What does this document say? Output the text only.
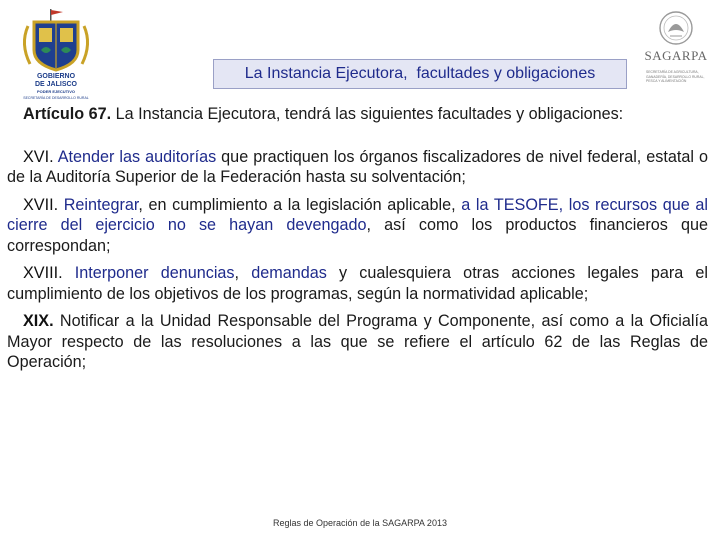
GOBIERNO
DE JALISCO
PODER EJECUTIVO
SECRETARÍA DE DESARROLLO RURAL
La Instancia Ejecutora,  facultades y obligaciones
SAGARPA
SECRETARÍA DE AGRICULTURA, GANADERÍA, DESARROLLO RURAL, PESCA Y ALIMENTACIÓN

Artículo 67. La Instancia Ejecutora, tendrá las siguientes facultades y obligaciones:

XVI. Atender las auditorías que practiquen los órganos fiscalizadores de nivel federal, estatal o de la Auditoría Superior de la Federación hasta su solventación;

XVII. Reintegrar, en cumplimiento a la legislación aplicable, a la TESOFE, los recursos que al cierre del ejercicio no se hayan devengado, así como los productos financieros que correspondan;

XVIII. Interponer denuncias, demandas y cualesquiera otras acciones legales para el cumplimiento de los objetivos de los programas, según la normatividad aplicable;

XIX. Notificar a la Unidad Responsable del Programa y Componente, así como a la Oficialía Mayor respecto de las resoluciones a las que se refiere el artículo 62 de las Reglas de Operación;

Reglas de Operación de la SAGARPA 2013
